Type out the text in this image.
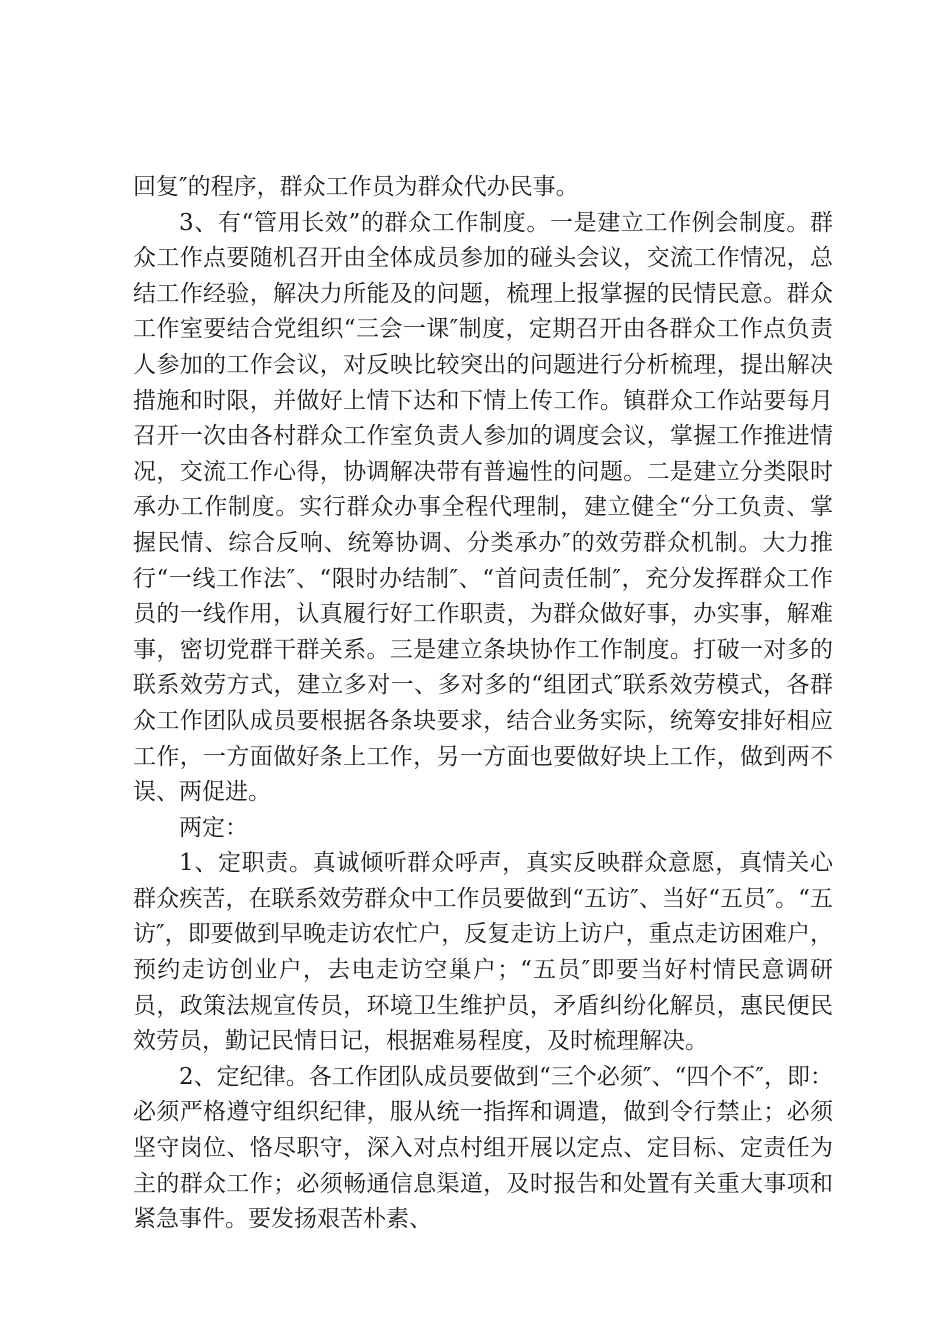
回复″的程序，群众工作员为群众代办民事。

3、有“管用长效”的群众工作制度。一是建立工作例会制度。群众工作点要随机召开由全体成员参加的碰头会议，交流工作情况，总结工作经验，解决力所能及的问题，梳理上报掌握的民情民意。群众工作室要结合党组织“三会一课″制度，定期召开由各群众工作点负责人参加的工作会议，对反映比较突出的问题进行分析梳理，提出解决措施和时限，并做好上情下达和下情上传工作。镇群众工作站要每月召开一次由各村群众工作室负责人参加的调度会议，掌握工作推进情况，交流工作心得，协调解决带有普遍性的问题。二是建立分类限时承办工作制度。实行群众办事全程代理制，建立健全“分工负责、掌握民情、综合反响、统筹协调、分类承办″的效劳群众机制。大力推行“一线工作法″、“限时办结制″、“首问责任制″，充分发挥群众工作员的一线作用，认真履行好工作职责，为群众做好事，办实事，解难事，密切党群干群关系。三是建立条块协作工作制度。打破一对多的联系效劳方式，建立多对一、多对多的“组团式″联系效劳模式，各群众工作团队成员要根据各条块要求，结合业务实际，统筹安排好相应工作，一方面做好条上工作，另一方面也要做好块上工作，做到两不误、两促进。

两定：

1、定职责。真诚倾听群众呼声，真实反映群众意愿，真情关心群众疾苦，在联系效劳群众中工作员要做到“五访″、当好“五员″。“五访″，即要做到早晚走访农忙户，反复走访上访户，重点走访困难户，预约走访创业户，去电走访空巢户；“五员″即要当好村情民意调研员，政策法规宣传员，环境卫生维护员，矛盾纠纷化解员，惠民便民效劳员，勤记民情日记，根据难易程度，及时梳理解决。

2、定纪律。各工作团队成员要做到“三个必须″、“四个不″，即：必须严格遵守组织纪律，服从统一指挥和调遣，做到令行禁止；必须坚守岗位、恪尽职守，深入对点村组开展以定点、定目标、定责任为主的群众工作；必须畅通信息渠道，及时报告和处置有关重大事项和紧急事件。要发扬艰苦朴素、
